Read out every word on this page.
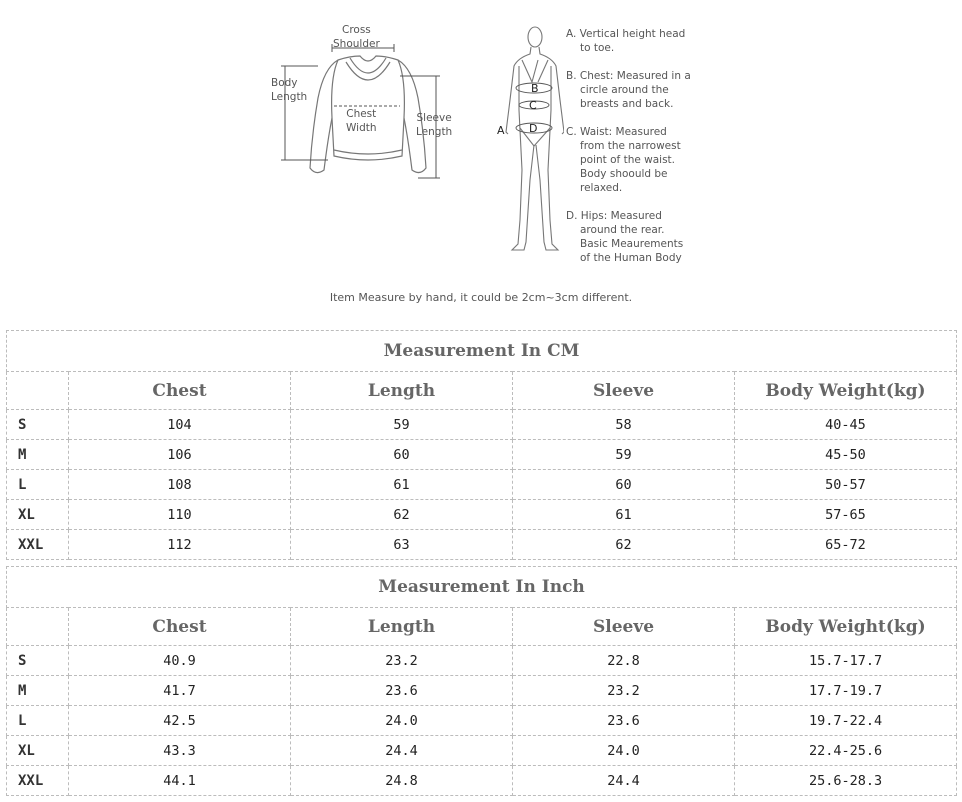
Cross
Shoulder
Body
Length
Chest
Width
Sleeve
Length
B
C
D
A

A. Vertical height head
to toe.

B. Chest: Measured in a
circle around the
breasts and back.

C. Waist: Measured
from the narrowest
point of the waist.
Body shoould be
relaxed.

D. Hips: Measured
around the rear.
Basic Meaurements
of the Human Body

Item Measure by hand, it could be 2cm~3cm different.
Measurement In CM				
	Chest	Length	Sleeve	Body Weight(kg)
S	104	59	58	40-45
M	106	60	59	45-50
L	108	61	60	50-57
XL	110	62	61	57-65
XXL	112	63	62	65-72
Measurement In Inch				
	Chest	Length	Sleeve	Body Weight(kg)
S	40.9	23.2	22.8	15.7-17.7
M	41.7	23.6	23.2	17.7-19.7
L	42.5	24.0	23.6	19.7-22.4
XL	43.3	24.4	24.0	22.4-25.6
XXL	44.1	24.8	24.4	25.6-28.3
